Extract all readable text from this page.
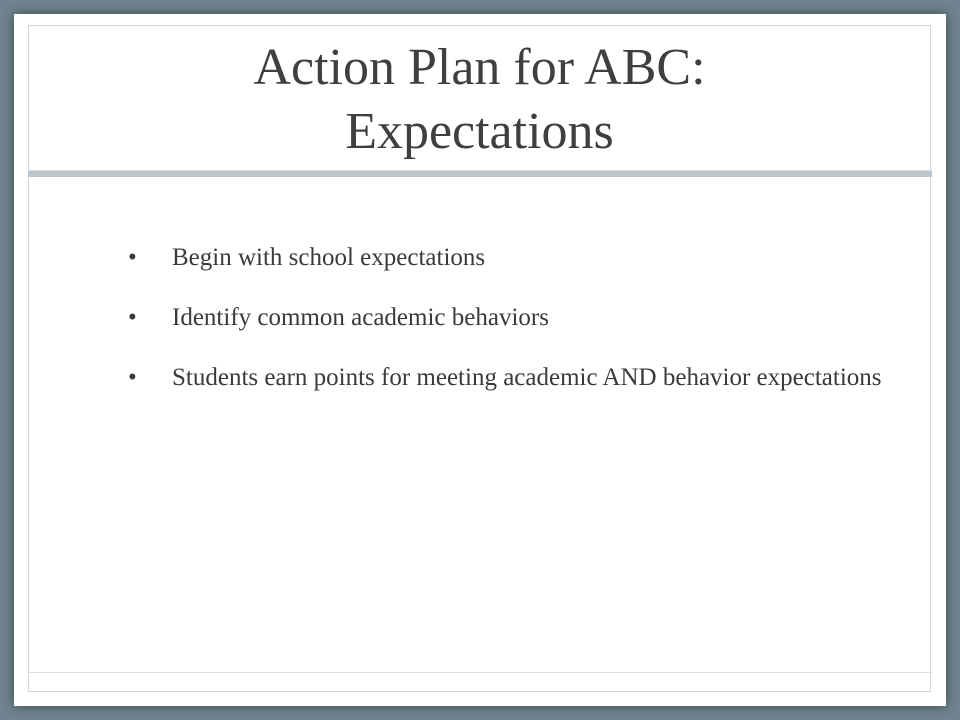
Action Plan for ABC:
Expectations
• Begin with school expectations
• Identify common academic behaviors
• Students earn points for meeting academic AND behavior expectations
